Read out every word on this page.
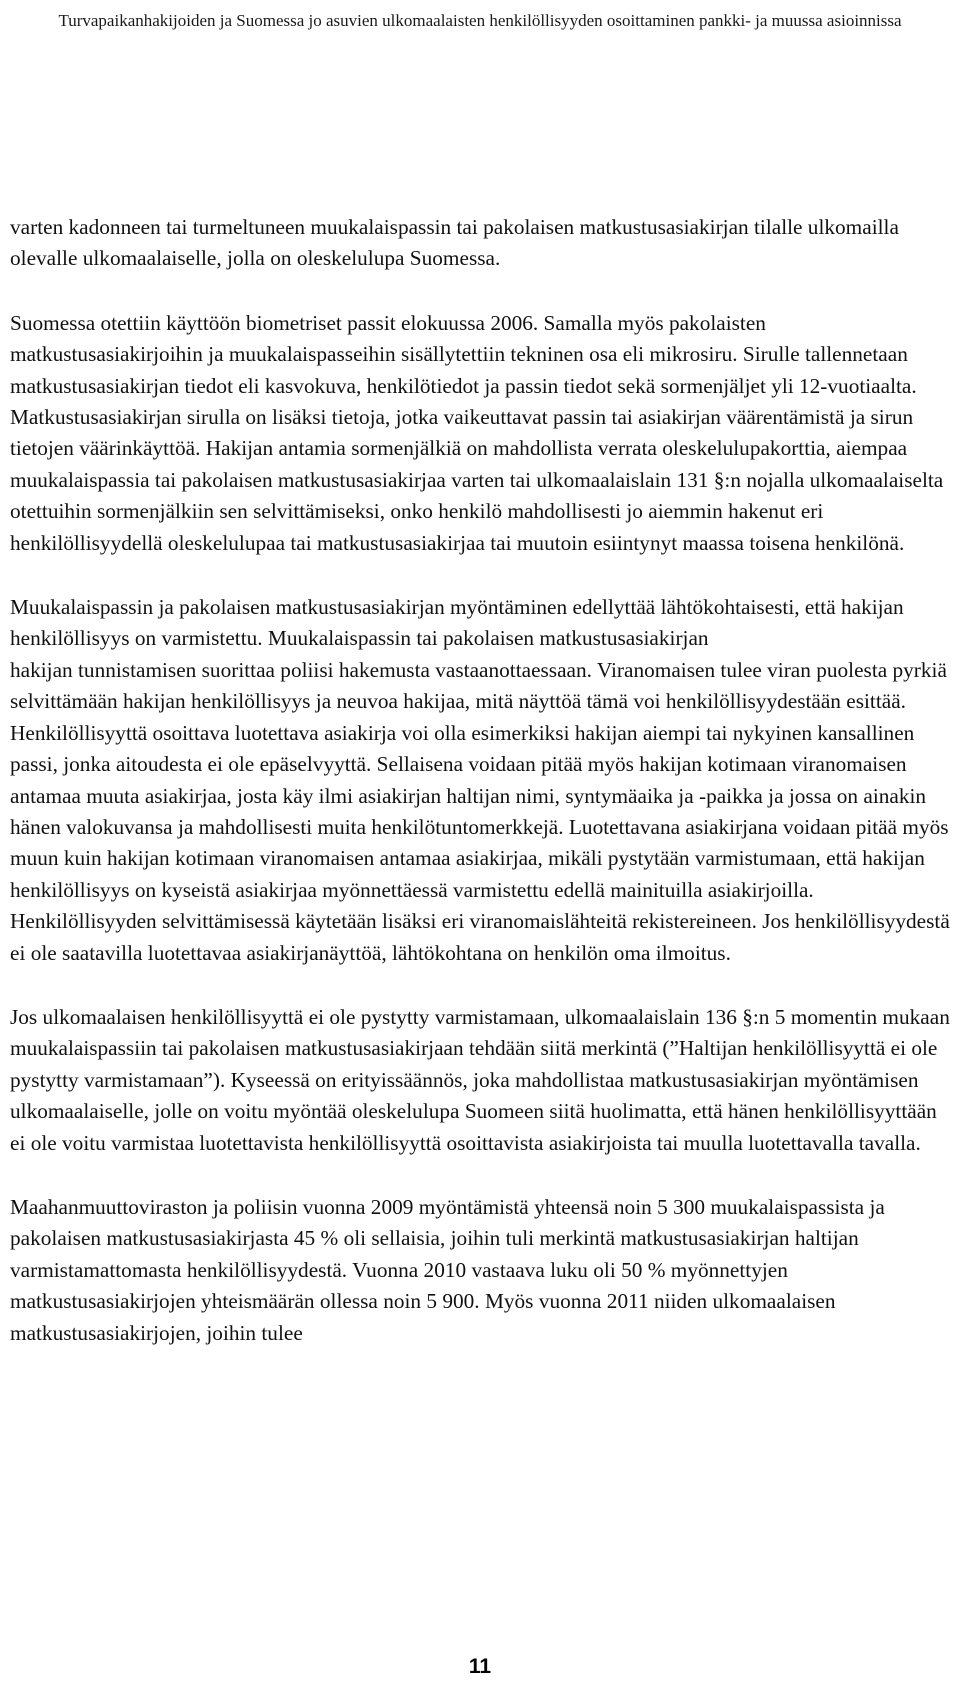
Turvapaikanhakijoiden ja Suomessa jo asuvien ulkomaalaisten henkilöllisyyden osoittaminen pankki- ja muussa asioinnissa

varten kadonneen tai turmeltuneen muukalaispassin tai pakolaisen matkustusasiakirjan tilalle ulkomailla olevalle ulkomaalaiselle, jolla on oleskelulupa Suomessa.

Suomessa otettiin käyttöön biometriset passit elokuussa 2006. Samalla myös pakolaisten matkustusasiakirjoihin ja muukalaispasseihin sisällytettiin tekninen osa eli mikrosiru. Sirulle tallennetaan matkustusasiakirjan tiedot eli kasvokuva, henkilötiedot ja passin tiedot sekä sormenjäljet yli 12-vuotiaalta. Matkustusasiakirjan sirulla on lisäksi tietoja, jotka vaikeuttavat passin tai asiakirjan väärentämistä ja sirun tietojen väärinkäyttöä. Hakijan antamia sormenjälkiä on mahdollista verrata oleskelulupakorttia, aiempaa muukalaispassia tai pakolaisen matkustusasiakirjaa varten tai ulkomaalaislain 131 §:n nojalla ulkomaalaiselta otettuihin sormenjälkiin sen selvittämiseksi, onko henkilö mahdollisesti jo aiemmin hakenut eri henkilöllisyydellä oleskelulupaa tai matkustusasiakirjaa tai muutoin esiintynyt maassa toisena henkilönä.

Muukalaispassin ja pakolaisen matkustusasiakirjan myöntäminen edellyttää lähtökohtaisesti, että hakijan henkilöllisyys on varmistettu. Muukalaispassin tai pakolaisen matkustusasiakirjan
hakijan tunnistamisen suorittaa poliisi hakemusta vastaanottaessaan. Viranomaisen tulee viran puolesta pyrkiä selvittämään hakijan henkilöllisyys ja neuvoa hakijaa, mitä näyttöä tämä voi henkilöllisyydestään esittää. Henkilöllisyyttä osoittava luotettava asiakirja voi olla esimerkiksi hakijan aiempi tai nykyinen kansallinen passi, jonka aitoudesta ei ole epäselvyyttä. Sellaisena voidaan pitää myös hakijan kotimaan viranomaisen antamaa muuta asiakirjaa, josta käy ilmi asiakirjan haltijan nimi, syntymäaika ja -paikka ja jossa on ainakin hänen valokuvansa ja mahdollisesti muita henkilötuntomerkkejä. Luotettavana asiakirjana voidaan pitää myös muun kuin hakijan kotimaan viranomaisen antamaa asiakirjaa, mikäli pystytään varmistumaan, että hakijan henkilöllisyys on kyseistä asiakirjaa myönnettäessä varmistettu edellä mainituilla asiakirjoilla. Henkilöllisyyden selvittämisessä käytetään lisäksi eri viranomaislähteitä rekistereineen. Jos henkilöllisyydestä ei ole saatavilla luotettavaa asiakirjanäyttöä, lähtökohtana on henkilön oma ilmoitus.

Jos ulkomaalaisen henkilöllisyyttä ei ole pystytty varmistamaan, ulkomaalaislain 136 §:n 5 momentin mukaan muukalaispassiin tai pakolaisen matkustusasiakirjaan tehdään siitä merkintä (”Haltijan henkilöllisyyttä ei ole pystytty varmistamaan”). Kyseessä on erityissäännös, joka mahdollistaa matkustusasiakirjan myöntämisen ulkomaalaiselle, jolle on voitu myöntää oleskelulupa Suomeen siitä huolimatta, että hänen henkilöllisyyttään ei ole voitu varmistaa luotettavista henkilöllisyyttä osoittavista asiakirjoista tai muulla luotettavalla tavalla.

Maahanmuuttoviraston ja poliisin vuonna 2009 myöntämistä yhteensä noin 5 300 muukalaispassista ja pakolaisen matkustusasiakirjasta 45 % oli sellaisia, joihin tuli merkintä matkustusasiakirjan haltijan varmistamattomasta henkilöllisyydestä. Vuonna 2010 vastaava luku oli 50 % myönnettyjen matkustusasiakirjojen yhteismäärän ollessa noin 5 900. Myös vuonna 2011 niiden ulkomaalaisen matkustusasiakirjojen, joihin tulee

11
